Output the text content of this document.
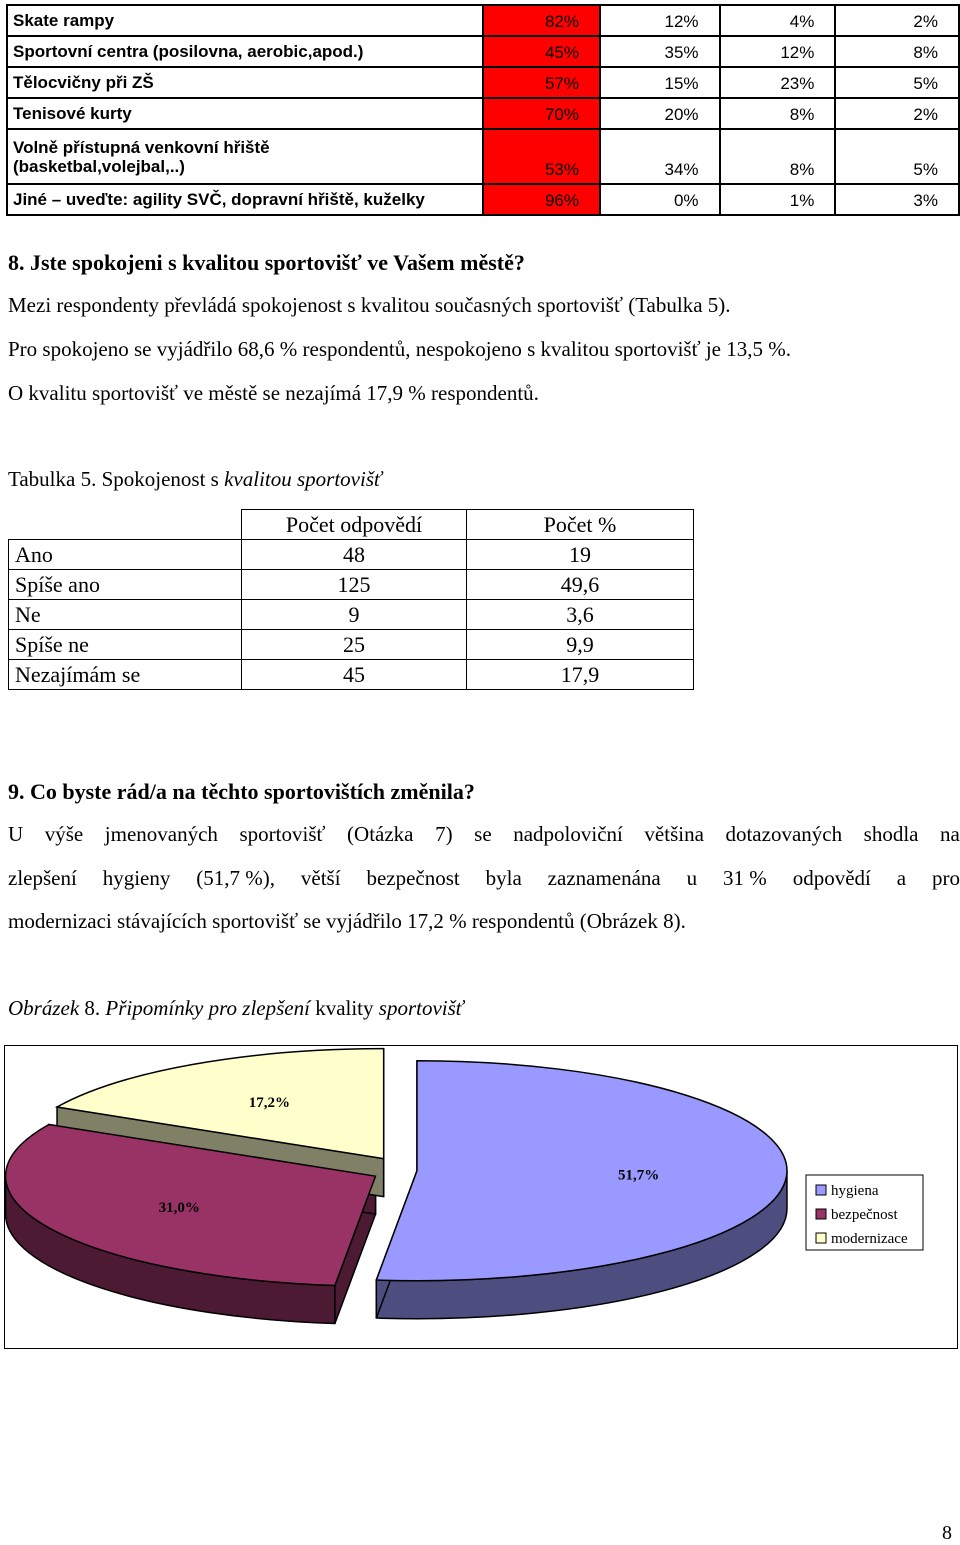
Skate rampy	82%	12%	4%	2%
Sportovní centra (posilovna, aerobic,apod.)	45%	35%	12%	8%
Tělocvičny při ZŠ	57%	15%	23%	5%
Tenisové kurty	70%	20%	8%	2%

Volně přístupná venkovní hřiště
(basketbal,volejbal,..)	53%	34%	8%	5%
Jiné – uveďte: agility SVČ, dopravní hřiště, kuželky	96%	0%	1%	3%
8. Jste spokojeni s kvalitou sportovišť ve Vašem městě?
Mezi respondenty převládá spokojenost s kvalitou současných sportovišť (Tabulka 5).
Pro spokojeno se vyjádřilo 68,6 % respondentů, nespokojeno s kvalitou sportovišť je 13,5 %.
O kvalitu sportovišť ve městě se nezajímá 17,9 % respondentů.
Tabulka 5. Spokojenost s kvalitou sportovišť
	Počet odpovědí	Počet %
Ano	48	19
Spíše ano	125	49,6
Ne	9	3,6
Spíše ne	25	9,9
Nezajímám se	45	17,9
9. Co byste rád/a na těchto sportovištích změnila?
U výše jmenovaných sportovišť (Otázka 7) se nadpoloviční většina dotazovaných shodla na
zlepšení hygieny (51,7 %), větší bezpečnost byla zaznamenána u 31 % odpovědí a pro
modernizaci stávajících sportovišť se vyjádřilo 17,2 % respondentů (Obrázek 8).
Obrázek 8. Připomínky pro zlepšení kvality sportovišť
51,7%
31,0%
17,2%
hygiena
bezpečnost
modernizace
8
